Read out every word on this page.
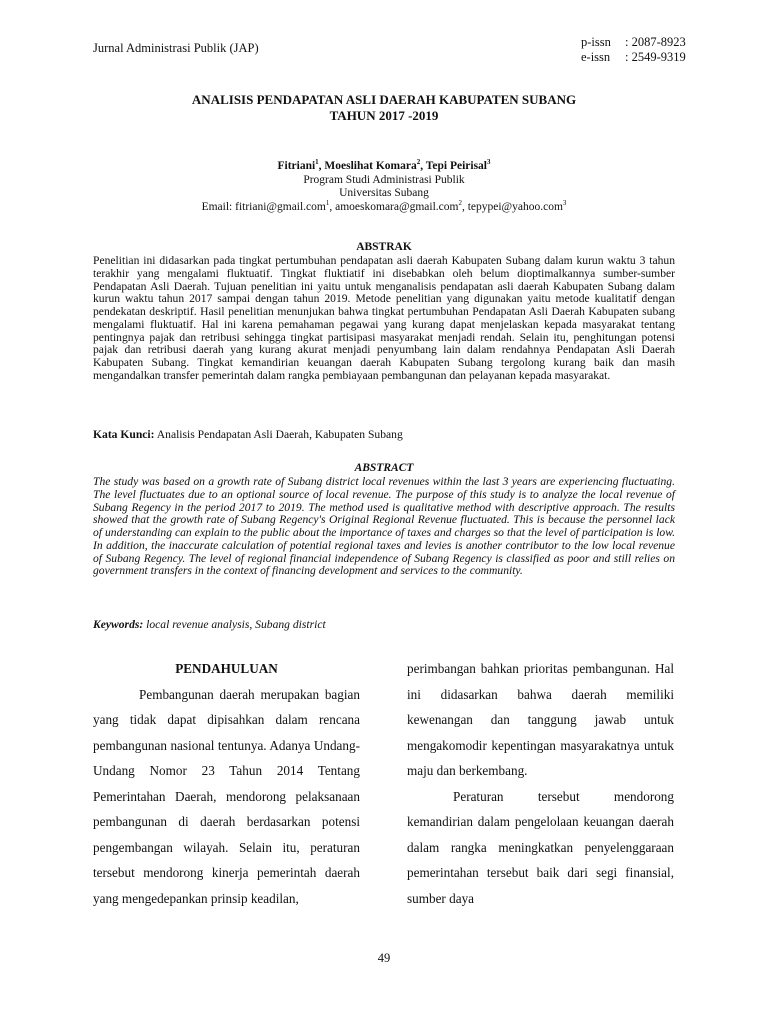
Jurnal Administrasi Publik (JAP)	p-issn : 2087-8923
e-issn : 2549-9319
ANALISIS PENDAPATAN ASLI DAERAH KABUPATEN SUBANG
TAHUN 2017 -2019
Fitriani$^1$, Moeslihat Komara$^2$, Tepi Peirisal$^3$
Program Studi Administrasi Publik
Universitas Subang
Email: fitriani@gmail.com$^1$, amoeskomara@gmail.com$^2$, tepypei@yahoo.com$^3$
ABSTRAK
Penelitian ini didasarkan pada tingkat pertumbuhan pendapatan asli daerah Kabupaten Subang dalam kurun waktu 3 tahun terakhir yang mengalami fluktuatif. Tingkat fluktiatif ini disebabkan oleh belum dioptimalkannya sumber-sumber Pendapatan Asli Daerah. Tujuan penelitian ini yaitu untuk menganalisis pendapatan asli daerah Kabupaten Subang dalam kurun waktu tahun 2017 sampai dengan tahun 2019. Metode penelitian yang digunakan yaitu metode kualitatif dengan pendekatan deskriptif. Hasil penelitian menunjukan bahwa tingkat pertumbuhan Pendapatan Asli Daerah Kabupaten subang mengalami fluktuatif. Hal ini karena pemahaman pegawai yang kurang dapat menjelaskan kepada masyarakat tentang pentingnya pajak dan retribusi sehingga tingkat partisipasi masyarakat menjadi rendah. Selain itu, penghitungan potensi pajak dan retribusi daerah yang kurang akurat menjadi penyumbang lain dalam rendahnya Pendapatan Asli Daerah Kabupaten Subang. Tingkat kemandirian keuangan daerah Kabupaten Subang tergolong kurang baik dan masih mengandalkan transfer pemerintah dalam rangka pembiayaan pembangunan dan pelayanan kepada masyarakat.
Kata Kunci: Analisis Pendapatan Asli Daerah, Kabupaten Subang
ABSTRACT
The study was based on a growth rate of Subang district local revenues within the last 3 years are experiencing fluctuating. The level fluctuates due to an optional source of local revenue. The purpose of this study is to analyze the local revenue of Subang Regency in the period 2017 to 2019. The method used is qualitative method with descriptive approach. The results showed that the growth rate of Subang Regency's Original Regional Revenue fluctuated. This is because the personnel lack of understanding can explain to the public about the importance of taxes and charges so that the level of participation is low. In addition, the inaccurate calculation of potential regional taxes and levies is another contributor to the low local revenue of Subang Regency. The level of regional financial independence of Subang Regency is classified as poor and still relies on government transfers in the context of financing development and services to the community.
Keywords: local revenue analysis, Subang district

PENDAHULUAN

Pembangunan daerah merupakan bagian yang tidak dapat dipisahkan dalam rencana pembangunan nasional tentunya. Adanya Undang-Undang Nomor 23 Tahun 2014 Tentang Pemerintahan Daerah, mendorong pelaksanaan pembangunan di daerah berdasarkan potensi pengembangan wilayah. Selain itu, peraturan tersebut mendorong kinerja pemerintah daerah yang mengedepankan prinsip keadilan,

perimbangan bahkan prioritas pembangunan. Hal ini didasarkan bahwa daerah memiliki kewenangan dan tanggung jawab untuk mengakomodir kepentingan masyarakatnya untuk maju dan berkembang.

Peraturan tersebut mendorong kemandirian dalam pengelolaan keuangan daerah dalam rangka meningkatkan penyelenggaraan pemerintahan tersebut baik dari segi finansial, sumber daya

49
